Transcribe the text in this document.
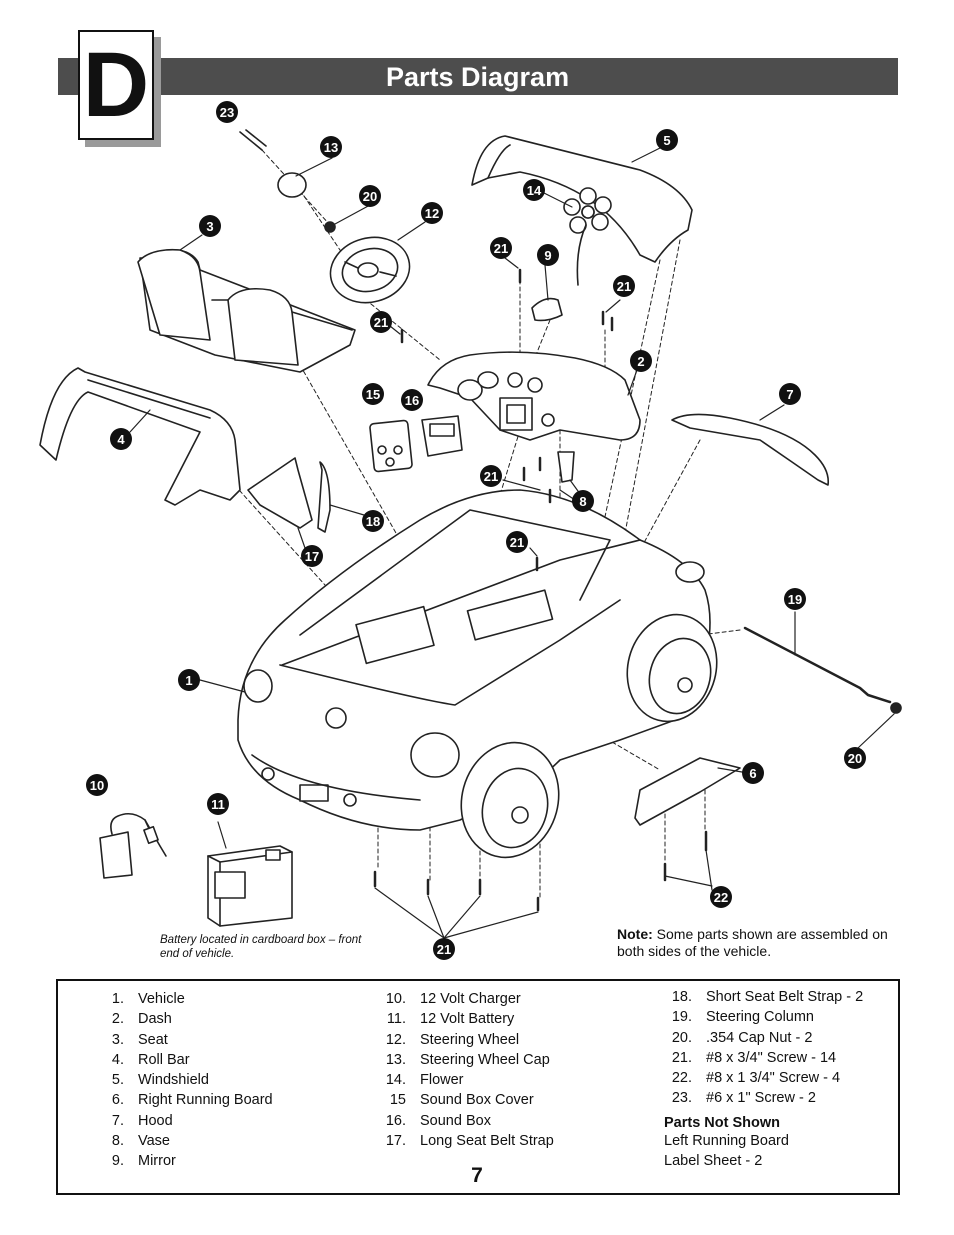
Parts Diagram
D	23
13
20
12
3
5
14
21	9
21
21
2
7
4
15 16
21
8
18
17
21
19
1
6
20
10
11
22
21
Battery located in cardboard box – front end of vehicle.
Note: Some parts shown are assembled on both sides of the vehicle.
1. Vehicle
2. Dash
3. Seat
4. Roll Bar
5. Windshield
6. Right Running Board
7. Hood
8. Vase
9. Mirror
10. 12 Volt Charger
11. 12 Volt Battery
12. Steering Wheel
13. Steering Wheel Cap
14. Flower
15 Sound Box Cover
16. Sound Box
17. Long Seat Belt Strap
18. Short Seat Belt Strap - 2
19. Steering Column
20. .354 Cap Nut - 2
21. #8 x 3/4" Screw - 14
22. #8 x 1 3/4" Screw - 4
23. #6 x 1" Screw - 2
Parts Not Shown
Left Running Board
Label Sheet - 2
7
